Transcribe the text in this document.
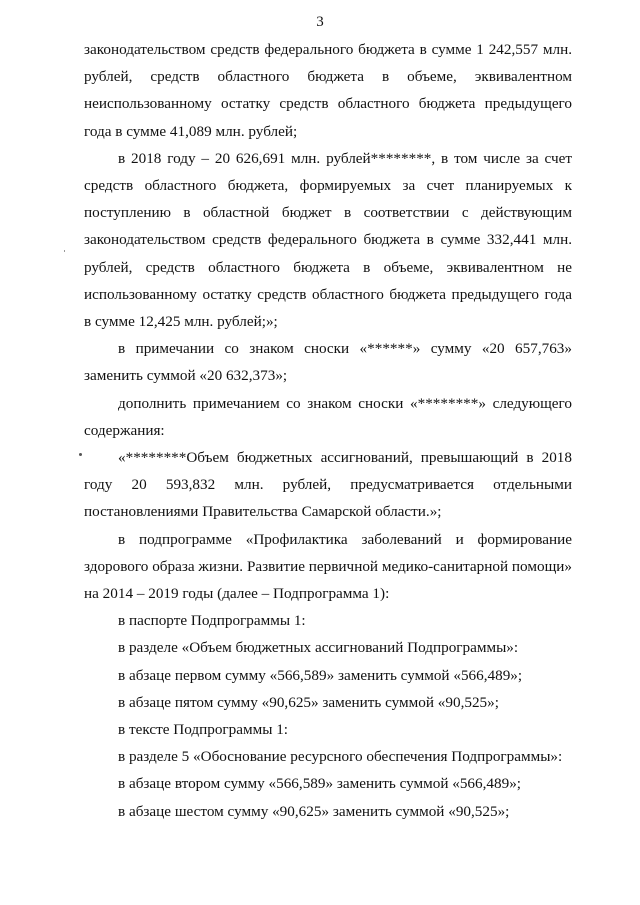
3

законодательством средств федерального бюджета в сумме 1 242,557 млн. рублей, средств областного бюджета в объеме, эквивалентном неиспользованному остатку средств областного бюджета предыдущего года в сумме 41,089 млн. рублей;

в 2018 году – 20 626,691 млн. рублей********, в том числе за счет средств областного бюджета, формируемых за счет планируемых к поступлению в областной бюджет в соответствии с действующим законодательством средств федерального бюджета в сумме 332,441 млн. рублей, средств областного бюджета в объеме, эквивалентном не использованному остатку средств областного бюджета предыдущего года в сумме 12,425 млн. рублей;»;

в примечании со знаком сноски «******» сумму «20 657,763» заменить суммой «20 632,373»;

дополнить примечанием со знаком сноски «********» следующего содержания:

«********Объем бюджетных ассигнований, превышающий в 2018 году 20 593,832 млн. рублей, предусматривается отдельными постановлениями Правительства Самарской области.»;

в подпрограмме «Профилактика заболеваний и формирование здорового образа жизни. Развитие первичной медико-санитарной помощи» на 2014 – 2019 годы (далее – Подпрограмма 1):

в паспорте Подпрограммы 1:

в разделе «Объем бюджетных ассигнований Подпрограммы»:

в абзаце первом сумму «566,589» заменить суммой «566,489»;

в абзаце пятом сумму «90,625» заменить суммой «90,525»;

в тексте Подпрограммы 1:

в разделе 5 «Обоснование ресурсного обеспечения Подпрограммы»:

в абзаце втором сумму «566,589» заменить суммой «566,489»;

в абзаце шестом сумму «90,625» заменить суммой «90,525»;
